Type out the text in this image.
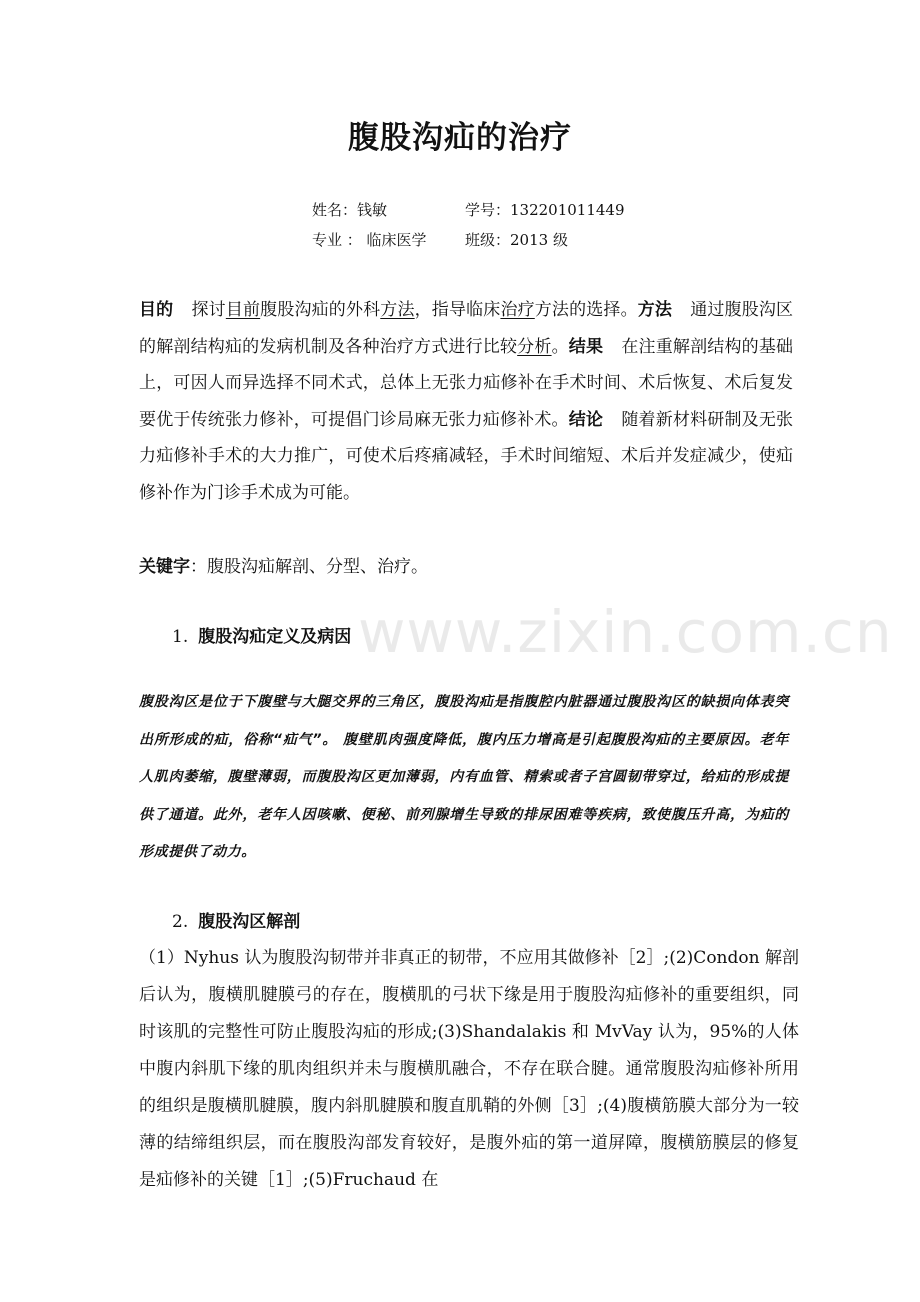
www.zixin.com.cn
腹股沟疝的治疗
姓名：钱敏	学号：132201011449
专业 ： 临床医学	班级：2013 级
目的 探讨目前腹股沟疝的外科方法，指导临床治疗方法的选择。方法 通过腹股沟区的解剖结构疝的发病机制及各种治疗方式进行比较分析。结果 在注重解剖结构的基础上，可因人而异选择不同术式，总体上无张力疝修补在手术时间、术后恢复、术后复发要优于传统张力修补，可提倡门诊局麻无张力疝修补术。结论 随着新材料研制及无张力疝修补手术的大力推广，可使术后疼痛减轻，手术时间缩短、术后并发症减少，使疝修补作为门诊手术成为可能。
关键字：腹股沟疝解剖、分型、治疗。
1. 腹股沟疝定义及病因
腹股沟区是位于下腹壁与大腿交界的三角区，腹股沟疝是指腹腔内脏器通过腹股沟区的缺损向体表突出所形成的疝，俗称“疝气”。 腹壁肌肉强度降低，腹内压力增高是引起腹股沟疝的主要原因。老年人肌肉萎缩，腹壁薄弱，而腹股沟区更加薄弱，内有血管、精索或者子宫圆韧带穿过，给疝的形成提供了通道。此外，老年人因咳嗽、便秘、前列腺增生导致的排尿困难等疾病，致使腹压升高，为疝的形成提供了动力。
2. 腹股沟区解剖
（1）Nyhus 认为腹股沟韧带并非真正的韧带，不应用其做修补［2］;(2)Condon 解剖后认为，腹横肌腱膜弓的存在，腹横肌的弓状下缘是用于腹股沟疝修补的重要组织，同时该肌的完整性可防止腹股沟疝的形成;(3)Shandalakis 和 MvVay 认为，95%的人体中腹内斜肌下缘的肌肉组织并未与腹横肌融合，不存在联合腱。通常腹股沟疝修补所用的组织是腹横肌腱膜，腹内斜肌腱膜和腹直肌鞘的外侧［3］;(4)腹横筋膜大部分为一较薄的结缔组织层，而在腹股沟部发育较好，是腹外疝的第一道屏障，腹横筋膜层的修复是疝修补的关键［1］;(5)Fruchaud 在
